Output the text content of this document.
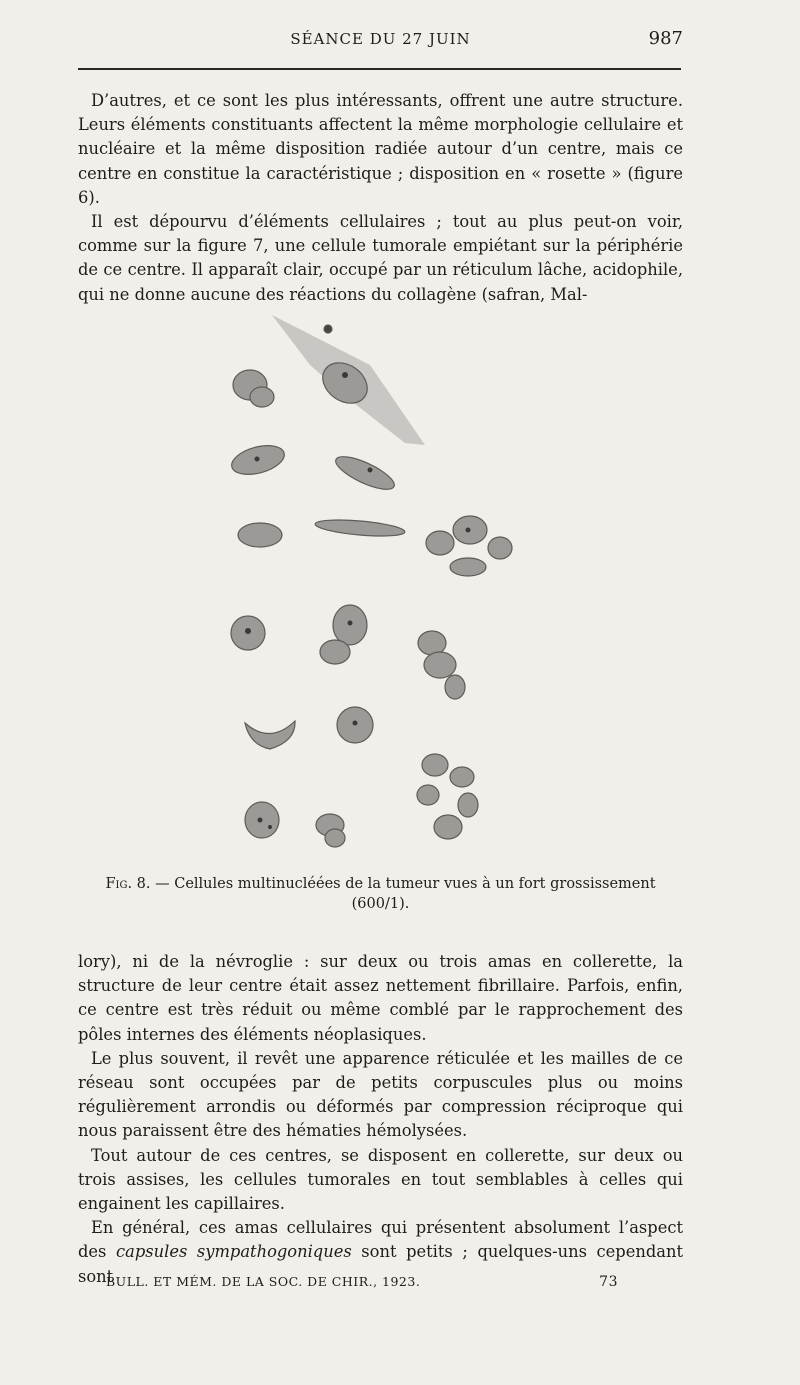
SÉANCE DU 27 JUIN	987

D’autres, et ce sont les plus intéressants, offrent une autre structure. Leurs éléments constituants affectent la même morphologie cellulaire et nucléaire et la même disposition radiée autour d’un centre, mais ce centre en constitue la caractéristique ; disposition en « rosette » (figure 6).

Il est dépourvu d’éléments cellulaires ; tout au plus peut-on voir, comme sur la figure 7, une cellule tumorale empiétant sur la périphérie de ce centre. Il apparaît clair, occupé par un réticulum lâche, acidophile, qui ne donne aucune des réactions du collagène (safran, Mal-

Fig. 8. — Cellules multinucléées de la tumeur vues à un fort grossissement (600/1).

lory), ni de la névroglie : sur deux ou trois amas en collerette, la structure de leur centre était assez nettement fibrillaire. Parfois, enfin, ce centre est très réduit ou même comblé par le rapprochement des pôles internes des éléments néoplasiques.

Le plus souvent, il revêt une apparence réticulée et les mailles de ce réseau sont occupées par de petits corpuscules plus ou moins régulièrement arrondis ou déformés par compression réciproque qui nous paraissent être des hématies hémolysées.

Tout autour de ces centres, se disposent en collerette, sur deux ou trois assises, les cellules tumorales en tout semblables à celles qui engainent les capillaires.

En général, ces amas cellulaires qui présentent absolument l’aspect des capsules sympathogoniques sont petits ; quelques-uns cependant sont

BULL. ET MÉM. DE LA SOC. DE CHIR., 1923.	73
